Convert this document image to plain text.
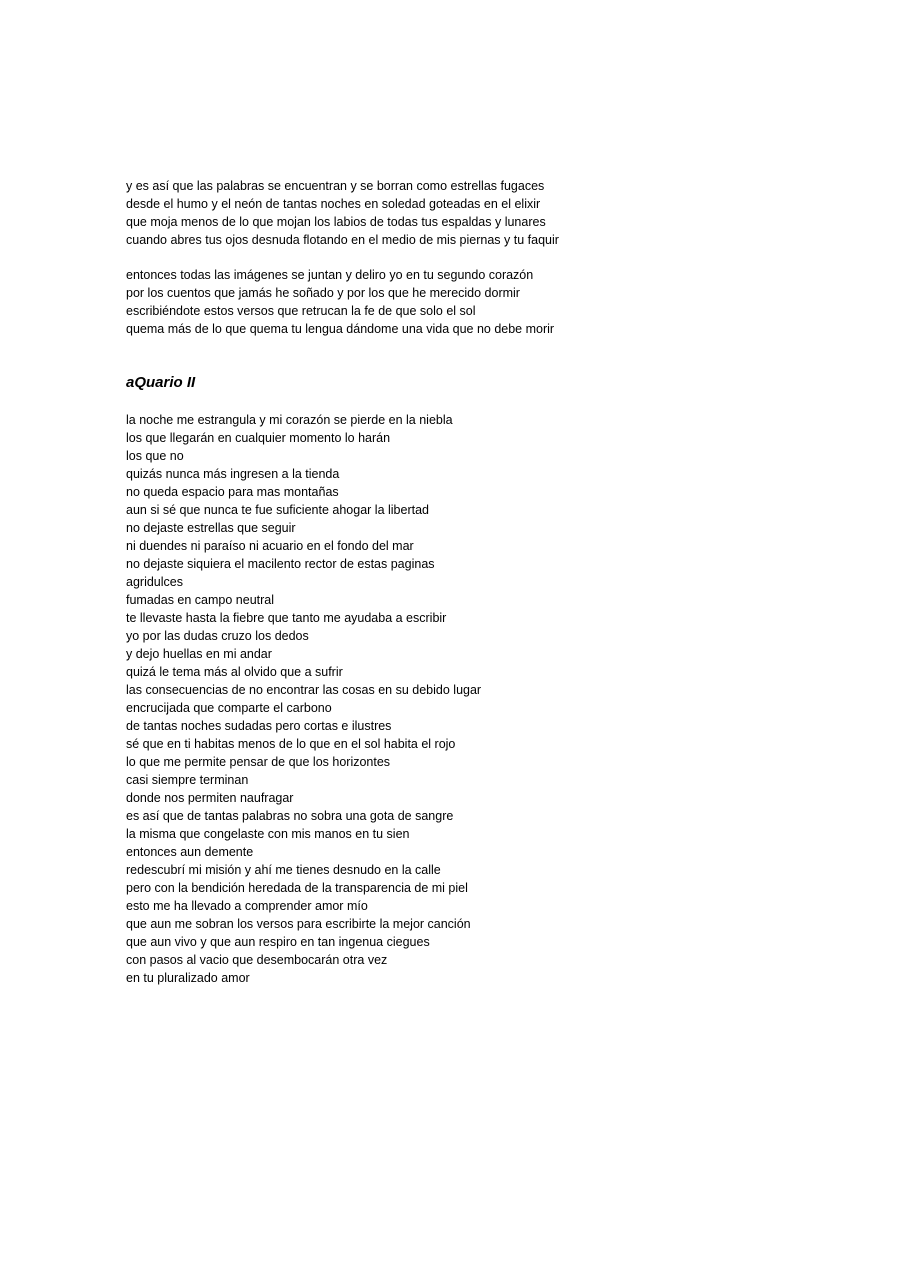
y es así que las palabras se encuentran y se borran como estrellas fugaces
desde el humo y el neón de tantas noches en soledad goteadas en el elixir
que moja menos de lo que mojan los labios de todas tus espaldas y lunares
cuando abres tus ojos desnuda flotando en el medio de mis piernas y tu faquir
entonces todas las imágenes se juntan y deliro yo en tu segundo corazón
por los cuentos que jamás he soñado y por los que he merecido dormir
escribiéndote estos versos que retrucan la fe de que solo el sol
quema más de lo que quema tu lengua dándome una vida que no debe morir
aQuario II
la noche me estrangula y mi corazón se pierde en la niebla
los que llegarán en cualquier momento lo harán
los que no
quizás nunca más ingresen a la tienda
no queda espacio para mas montañas
aun si sé que nunca te fue suficiente ahogar la libertad
no dejaste estrellas que seguir
ni duendes ni paraíso ni acuario en el fondo del mar
no dejaste siquiera el macilento rector de estas paginas
agridulces
fumadas en campo neutral
te llevaste hasta la fiebre que tanto me ayudaba a escribir
yo por las dudas cruzo los dedos
y dejo huellas en mi andar
quizá le tema más al olvido que a sufrir
las consecuencias de no encontrar las cosas en su debido lugar
encrucijada que comparte el carbono
de tantas noches sudadas pero cortas e ilustres
sé que en ti habitas menos de lo que en el sol habita el rojo
lo que me permite pensar de que los horizontes
casi siempre terminan
donde nos permiten naufragar
es así que de tantas palabras no sobra una gota de sangre
la misma que congelaste con mis manos en tu sien
entonces aun demente
redescubrí mi misión y ahí me tienes desnudo en la calle
pero con la bendición heredada de la transparencia de mi piel
esto me ha llevado a comprender amor mío
que aun me sobran los versos para escribirte la mejor canción
que aun vivo y que aun respiro en tan ingenua ciegues
con pasos al vacio que desembocarán otra vez
en tu pluralizado amor
